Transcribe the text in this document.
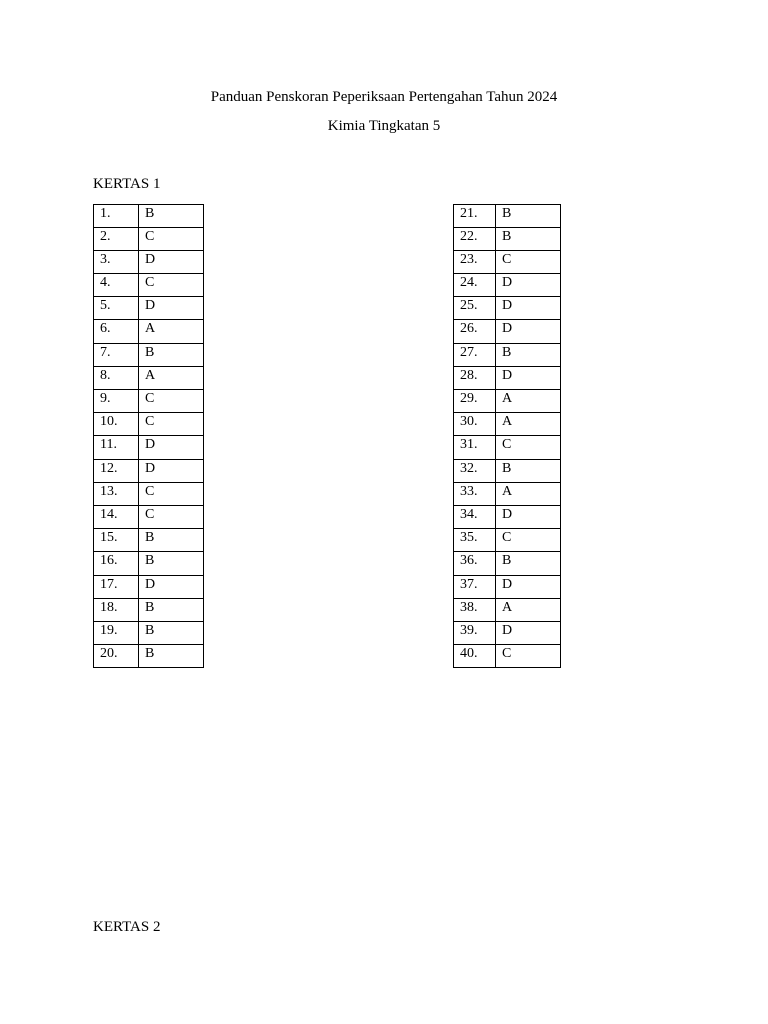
Panduan Penskoran Peperiksaan Pertengahan Tahun 2024
Kimia Tingkatan 5
KERTAS 1
1.	B
2.	C
3.	D
4.	C
5.	D
6.	A
7.	B
8.	A
9.	C
10.	C
11.	D
12.	D
13.	C
14.	C
15.	B
16.	B
17.	D
18.	B
19.	B
20.	B
21.	B
22.	B
23.	C
24.	D
25.	D
26.	D
27.	B
28.	D
29.	A
30.	A
31.	C
32.	B
33.	A
34.	D
35.	C
36.	B
37.	D
38.	A
39.	D
40.	C
KERTAS 2
